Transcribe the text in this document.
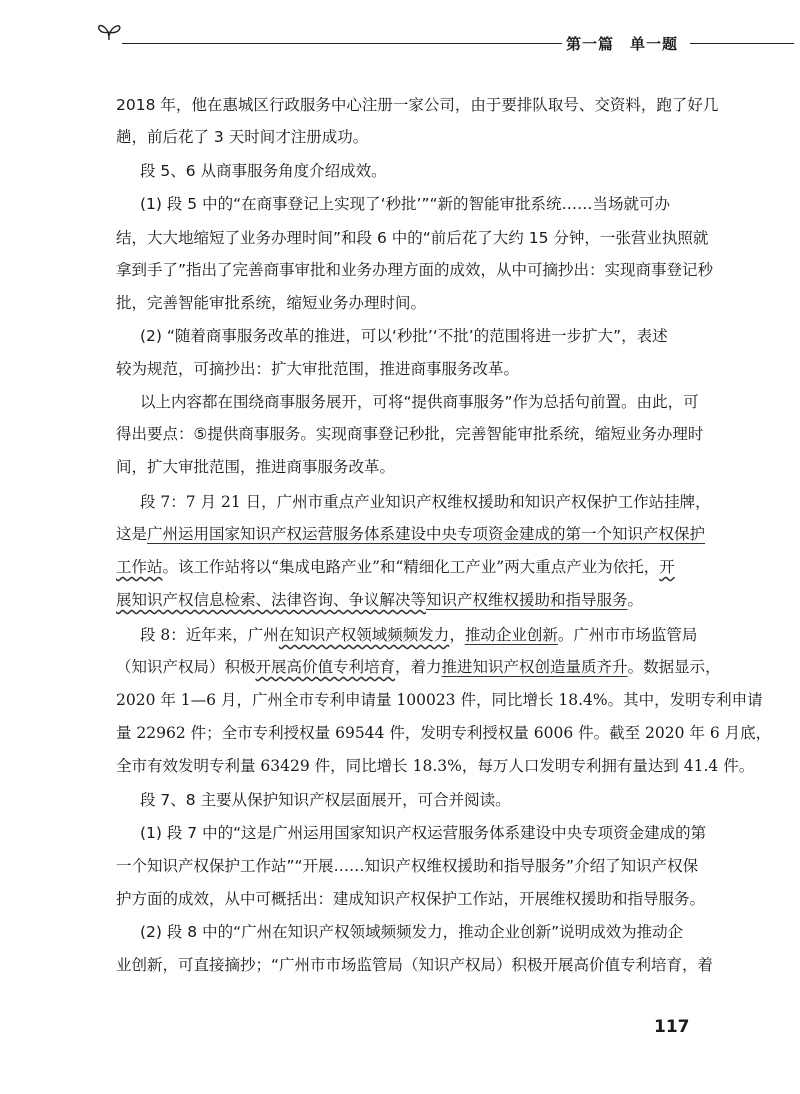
第一篇　单一题
2018 年，他在惠城区行政服务中心注册一家公司，由于要排队取号、交资料，跑了好几
趟，前后花了 3 天时间才注册成功。
段 5、6 从商事服务角度介绍成效。
(1) 段 5 中的“在商事登记上实现了‘秒批’”“新的智能审批系统……当场就可办
结，大大地缩短了业务办理时间”和段 6 中的“前后花了大约 15 分钟，一张营业执照就
拿到手了”指出了完善商事审批和业务办理方面的成效，从中可摘抄出：实现商事登记秒
批，完善智能审批系统，缩短业务办理时间。
(2) “随着商事服务改革的推进，可以‘秒批’‘不批’的范围将进一步扩大”，表述
较为规范，可摘抄出：扩大审批范围，推进商事服务改革。
以上内容都在围绕商事服务展开，可将“提供商事服务”作为总括句前置。由此，可
得出要点：⑤提供商事服务。实现商事登记秒批，完善智能审批系统，缩短业务办理时
间，扩大审批范围，推进商事服务改革。
段 7：7 月 21 日，广州市重点产业知识产权维权援助和知识产权保护工作站挂牌，
这是广州运用国家知识产权运营服务体系建设中央专项资金建成的第一个知识产权保护
工作站。该工作站将以“集成电路产业”和“精细化工产业”两大重点产业为依托，开
展知识产权信息检索、法律咨询、争议解决等知识产权维权援助和指导服务。
段 8：近年来，广州在知识产权领域频频发力，推动企业创新。广州市市场监管局
（知识产权局）积极开展高价值专利培育，着力推进知识产权创造量质齐升。数据显示，
2020 年 1—6 月，广州全市专利申请量 100023 件，同比增长 18.4%。其中，发明专利申请
量 22962 件；全市专利授权量 69544 件，发明专利授权量 6006 件。截至 2020 年 6 月底，
全市有效发明专利量 63429 件，同比增长 18.3%，每万人口发明专利拥有量达到 41.4 件。
段 7、8 主要从保护知识产权层面展开，可合并阅读。
(1) 段 7 中的“这是广州运用国家知识产权运营服务体系建设中央专项资金建成的第
一个知识产权保护工作站”“开展……知识产权维权援助和指导服务”介绍了知识产权保
护方面的成效，从中可概括出：建成知识产权保护工作站，开展维权援助和指导服务。
(2) 段 8 中的“广州在知识产权领域频频发力，推动企业创新”说明成效为推动企
业创新，可直接摘抄；“广州市市场监管局（知识产权局）积极开展高价值专利培育，着
117
